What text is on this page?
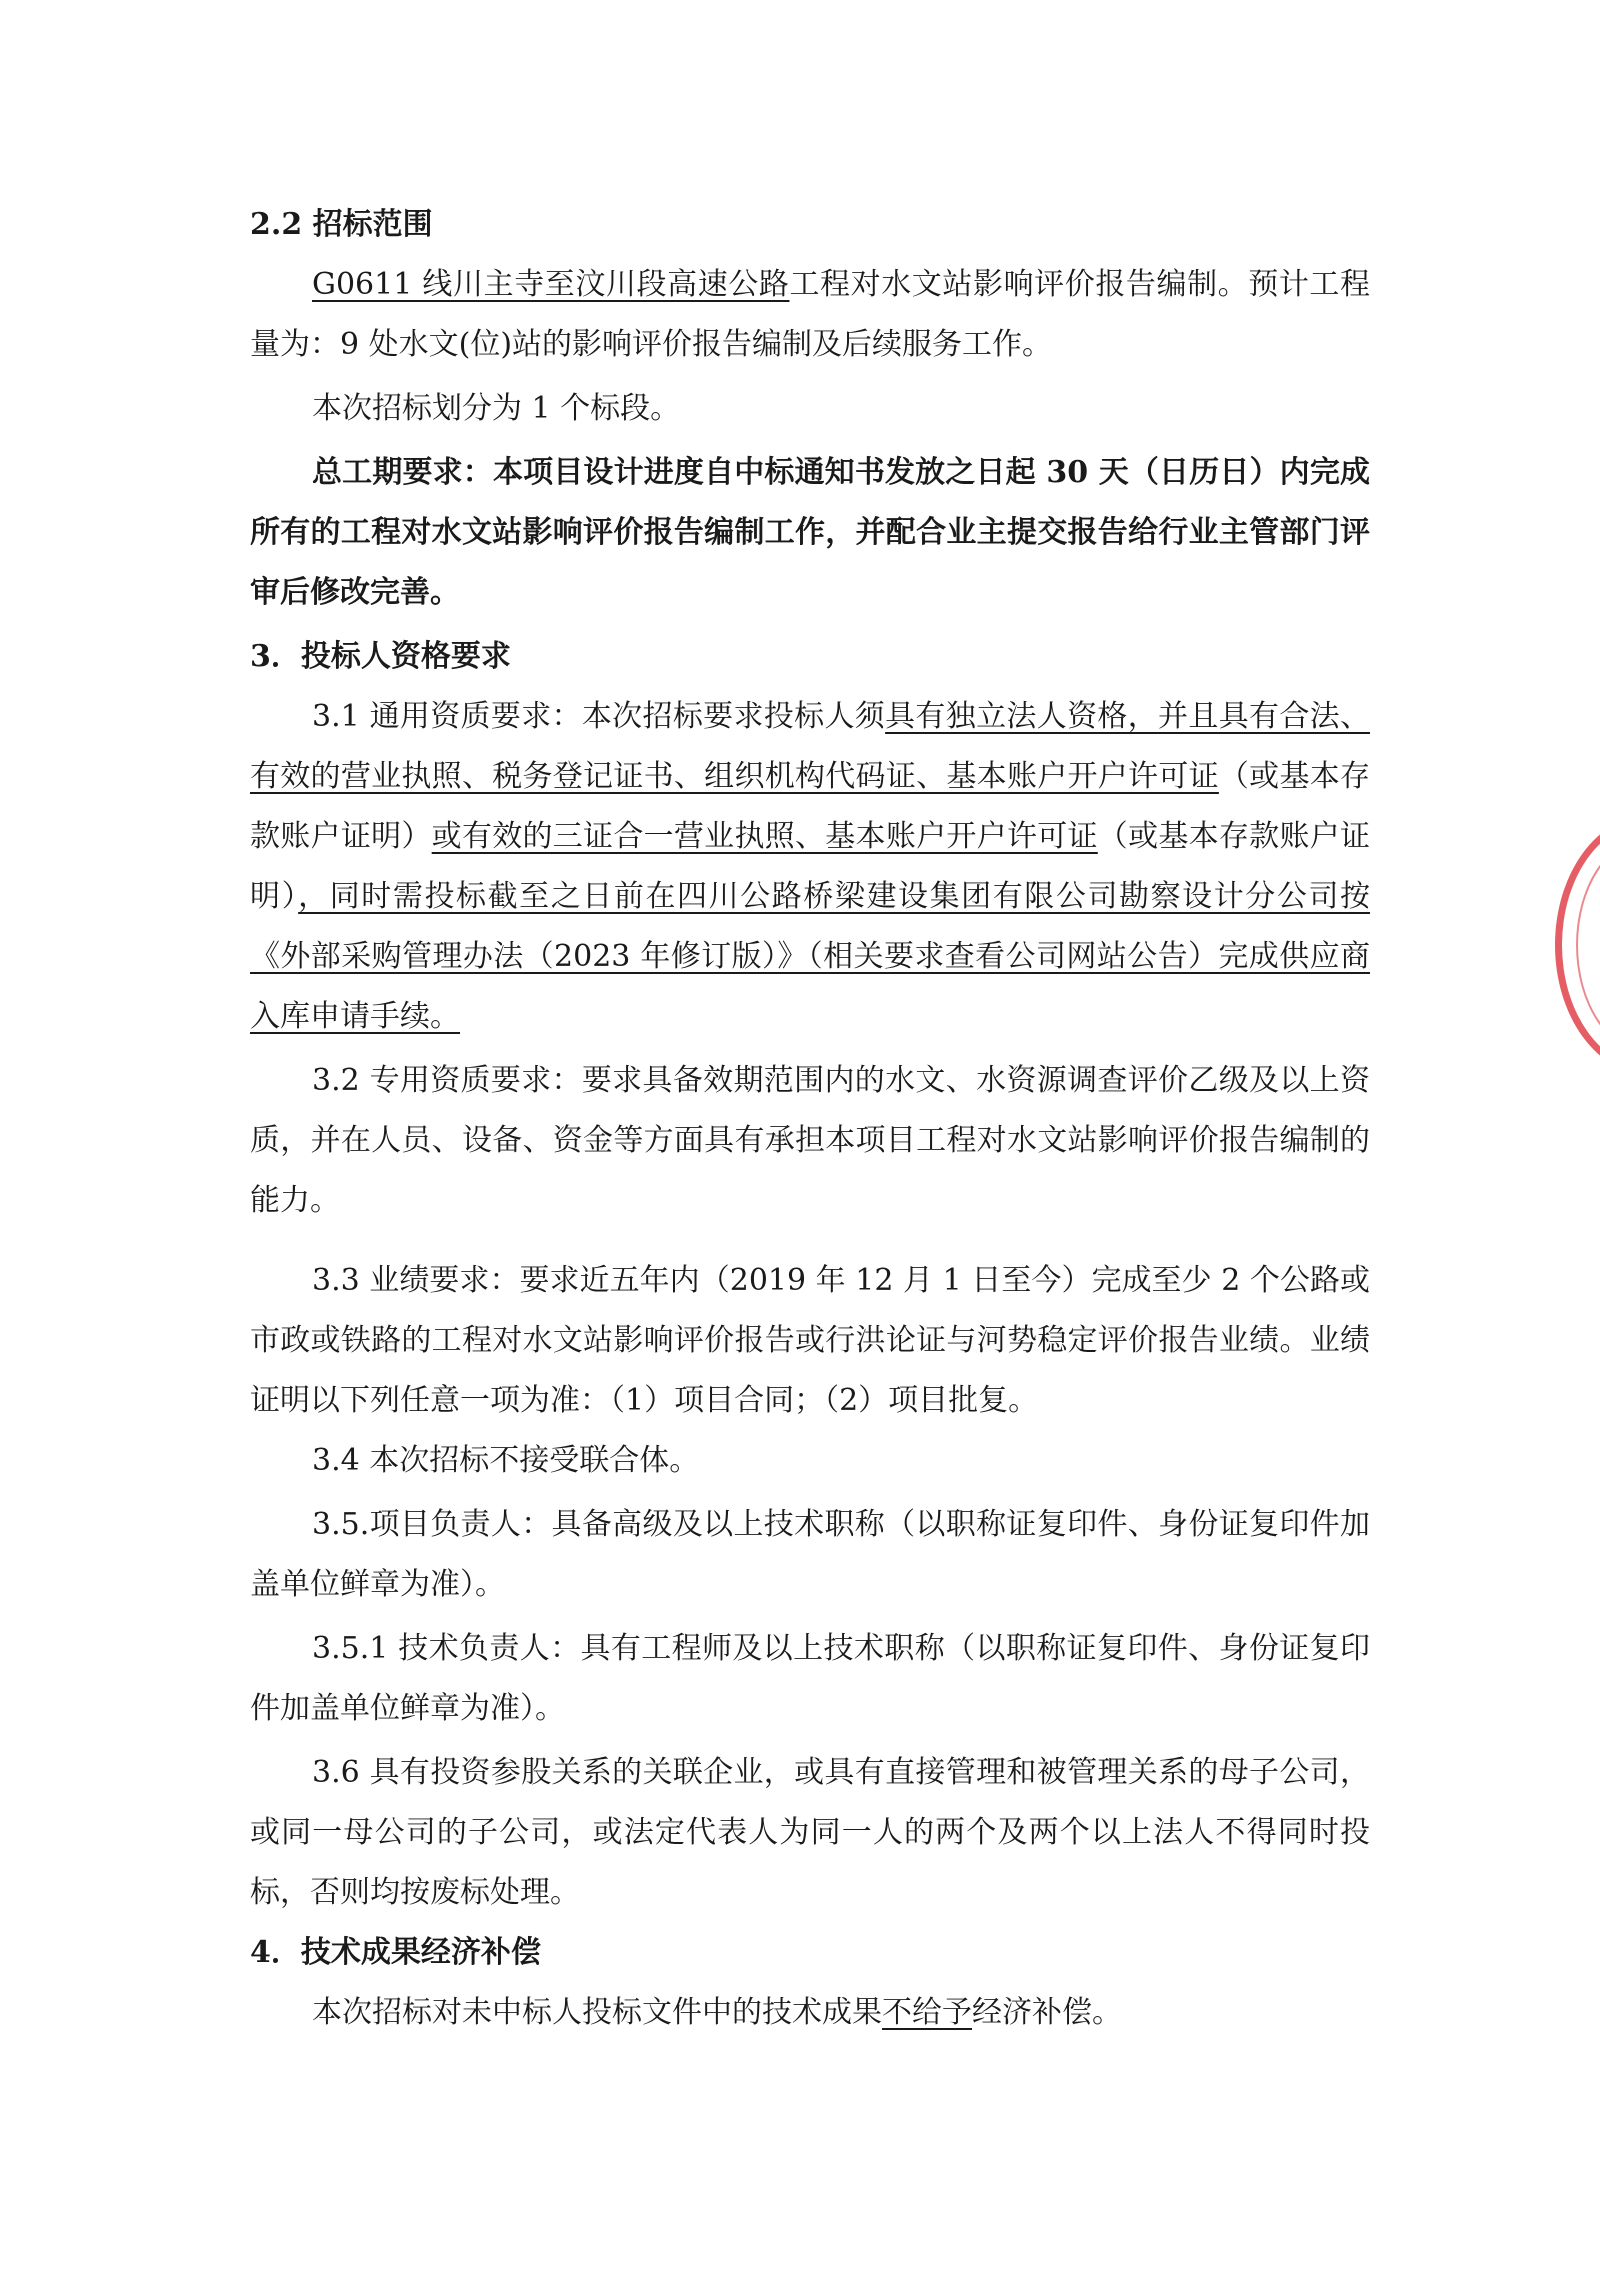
2.2 招标范围

G0611 线川主寺至汶川段高速公路工程对水文站影响评价报告编制。预计工程量为：9 处水文(位)站的影响评价报告编制及后续服务工作。

本次招标划分为 1 个标段。

总工期要求：本项目设计进度自中标通知书发放之日起 30 天（日历日）内完成所有的工程对水文站影响评价报告编制工作，并配合业主提交报告给行业主管部门评审后修改完善。

3．投标人资格要求

3.1 通用资质要求：本次招标要求投标人须具有独立法人资格，并且具有合法、有效的营业执照、税务登记证书、组织机构代码证、基本账户开户许可证（或基本存款账户证明）或有效的三证合一营业执照、基本账户开户许可证（或基本存款账户证明），同时需投标截至之日前在四川公路桥梁建设集团有限公司勘察设计分公司按《外部采购管理办法（2023 年修订版）》（相关要求查看公司网站公告）完成供应商入库申请手续。

3.2 专用资质要求：要求具备效期范围内的水文、水资源调查评价乙级及以上资质，并在人员、设备、资金等方面具有承担本项目工程对水文站影响评价报告编制的能力。

3.3 业绩要求：要求近五年内（2019 年 12 月 1 日至今）完成至少 2 个公路或市政或铁路的工程对水文站影响评价报告或行洪论证与河势稳定评价报告业绩。业绩证明以下列任意一项为准：（1）项目合同；（2）项目批复。

3.4 本次招标不接受联合体。

3.5.项目负责人：具备高级及以上技术职称（以职称证复印件、身份证复印件加盖单位鲜章为准）。

3.5.1 技术负责人：具有工程师及以上技术职称（以职称证复印件、身份证复印件加盖单位鲜章为准）。

3.6 具有投资参股关系的关联企业，或具有直接管理和被管理关系的母子公司，或同一母公司的子公司，或法定代表人为同一人的两个及两个以上法人不得同时投标，否则均按废标处理。

4．技术成果经济补偿

本次招标对未中标人投标文件中的技术成果不给予经济补偿。
